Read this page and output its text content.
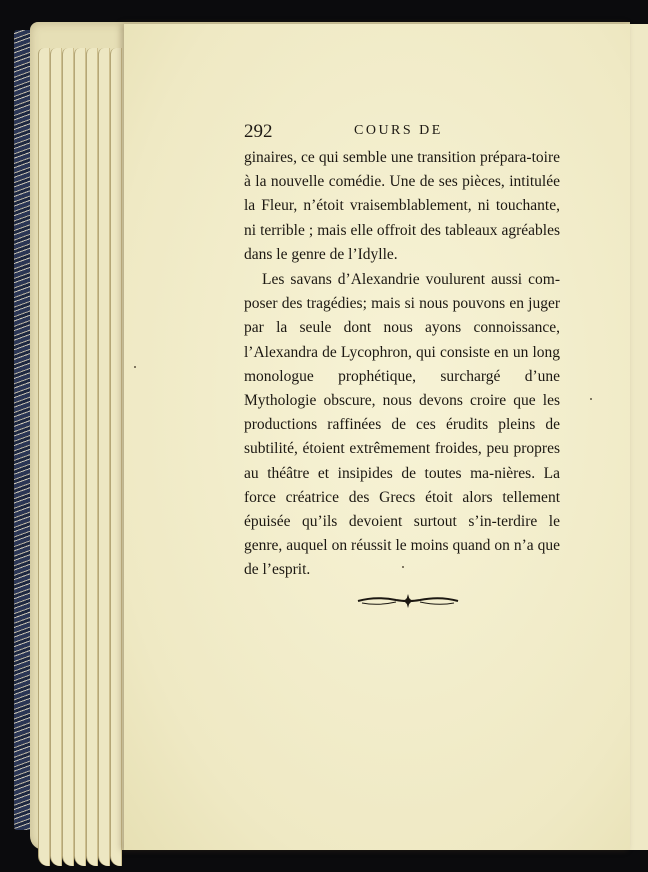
292	COURS DE

ginaires, ce qui semble une transition prépara-toire à la nouvelle comédie. Une de ses pièces, intitulée la Fleur, n’étoit vraisemblablement, ni touchante, ni terrible ; mais elle offroit des tableaux agréables dans le genre de l’Idylle.

Les savans d’Alexandrie voulurent aussi com-poser des tragédies; mais si nous pouvons en juger par la seule dont nous ayons connoissance, l’Alexandra de Lycophron, qui consiste en un long monologue prophétique, surchargé d’une Mythologie obscure, nous devons croire que les productions raffinées de ces érudits pleins de subtilité, étoient extrêmement froides, peu propres au théâtre et insipides de toutes ma-nières. La force créatrice des Grecs étoit alors tellement épuisée qu’ils devoient surtout s’in-terdire le genre, auquel on réussit le moins quand on n’a que de l’esprit.
